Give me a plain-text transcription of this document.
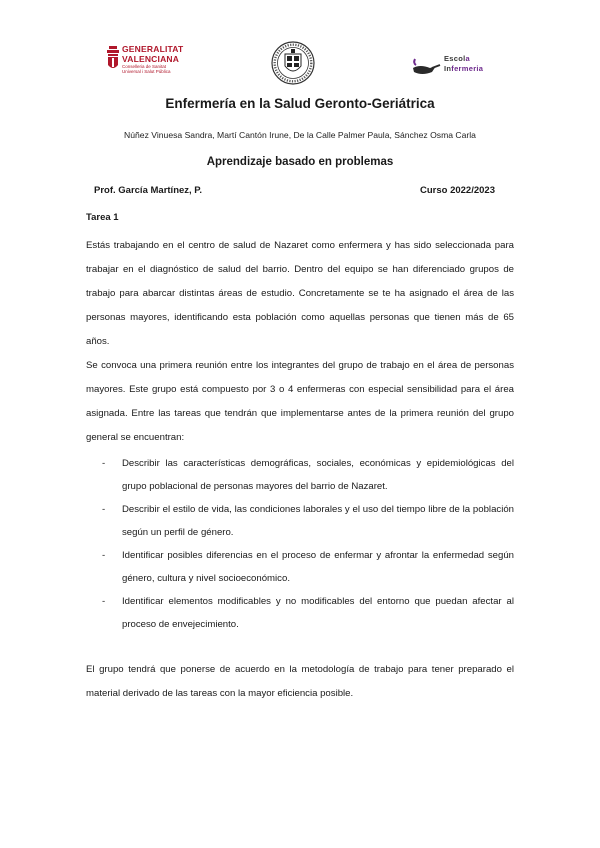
GENERALITAT
VALENCIANA
Conselleria de Sanitat
Universal i Salut Pública
Escola
Infermeria
Enfermería en la Salud Geronto-Geriátrica
Núñez Vinuesa Sandra, Martí Cantón Irune, De la Calle Palmer Paula, Sánchez Osma Carla
Aprendizaje basado en problemas
Prof. García Martínez, P.	Curso 2022/2023
Tarea 1

Estás trabajando en el centro de salud de Nazaret como enfermera y has sido seleccionada para trabajar en el diagnóstico de salud del barrio. Dentro del equipo se han diferenciado grupos de trabajo para abarcar distintas áreas de estudio. Concretamente se te ha asignado el área de las personas mayores, identificando esta población como aquellas personas que tienen más de 65 años.

Se convoca una primera reunión entre los integrantes del grupo de trabajo en el área de personas mayores. Este grupo está compuesto por 3 o 4 enfermeras con especial sensibilidad para el área asignada. Entre las tareas que tendrán que implementarse antes de la primera reunión del grupo general se encuentran:

- Describir las características demográficas, sociales, económicas y epidemiológicas del grupo poblacional de personas mayores del barrio de Nazaret.
- Describir el estilo de vida, las condiciones laborales y el uso del tiempo libre de la población según un perfil de género.
- Identificar posibles diferencias en el proceso de enfermar y afrontar la enfermedad según género, cultura y nivel socioeconómico.
- Identificar elementos modificables y no modificables del entorno que puedan afectar al proceso de envejecimiento.

El grupo tendrá que ponerse de acuerdo en la metodología de trabajo para tener preparado el material derivado de las tareas con la mayor eficiencia posible.
